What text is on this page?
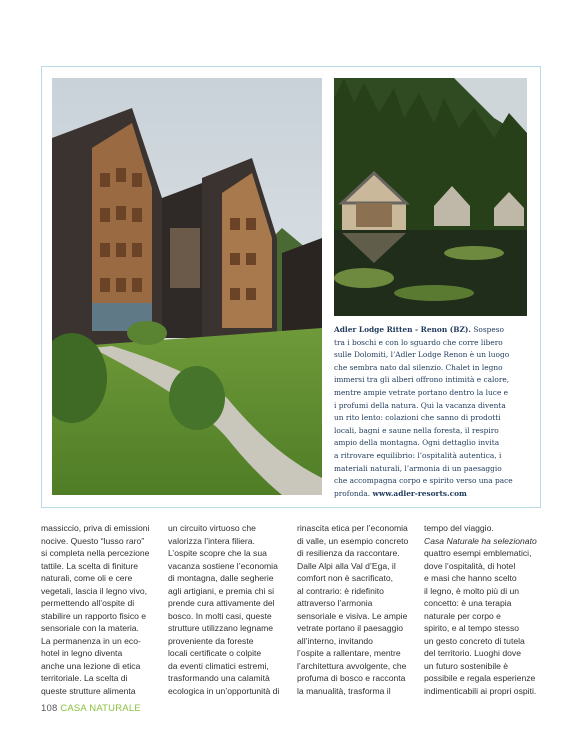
Adler Lodge Ritten - Renon (BZ). Sospeso
tra i boschi e con lo sguardo che corre libero
sulle Dolomiti, l’Adler Lodge Renon è un luogo
che sembra nato dal silenzio. Chalet in legno
immersi tra gli alberi offrono intimità e calore,
mentre ampie vetrate portano dentro la luce e
i profumi della natura. Qui la vacanza diventa
un rito lento: colazioni che sanno di prodotti
locali, bagni e saune nella foresta, il respiro
ampio della montagna. Ogni dettaglio invita
a ritrovare equilibrio: l’ospitalità autentica, i
materiali naturali, l’armonia di un paesaggio
che accompagna corpo e spirito verso una pace
profonda. www.adler-resorts.com
massiccio, priva di emissioni
nocive. Questo “lusso raro”
si completa nella percezione
tattile. La scelta di finiture
naturali, come oli e cere
vegetali, lascia il legno vivo,
permettendo all’ospite di
stabilire un rapporto fisico e
sensoriale con la materia.
La permanenza in un eco-
hotel in legno diventa
anche una lezione di etica
territoriale. La scelta di
queste strutture alimenta
un circuito virtuoso che
valorizza l’intera filiera.
L’ospite scopre che la sua
vacanza sostiene l’economia
di montagna, dalle segherie
agli artigiani, e premia chi si
prende cura attivamente del
bosco. In molti casi, queste
strutture utilizzano legname
proveniente da foreste
locali certificate o colpite
da eventi climatici estremi,
trasformando una calamità
ecologica in un’opportunità di
rinascita etica per l’economia
di valle, un esempio concreto
di resilienza da raccontare.
Dalle Alpi alla Val d’Ega, il
comfort non è sacrificato,
al contrario: è ridefinito
attraverso l’armonia
sensoriale e visiva. Le ampie
vetrate portano il paesaggio
all’interno, invitando
l’ospite a rallentare, mentre
l’architettura avvolgente, che
profuma di bosco e racconta
la manualità, trasforma il
tempo del viaggio.
Casa Naturale ha selezionato
quattro esempi emblematici,
dove l’ospitalità, di hotel
e masi che hanno scelto
il legno, è molto più di un
concetto: è una terapia
naturale per corpo e
spirito, e al tempo stesso
un gesto concreto di tutela
del territorio. Luoghi dove
un futuro sostenibile è
possibile e regala esperienze
indimenticabili ai propri ospiti.
108 CASA NATURALE
